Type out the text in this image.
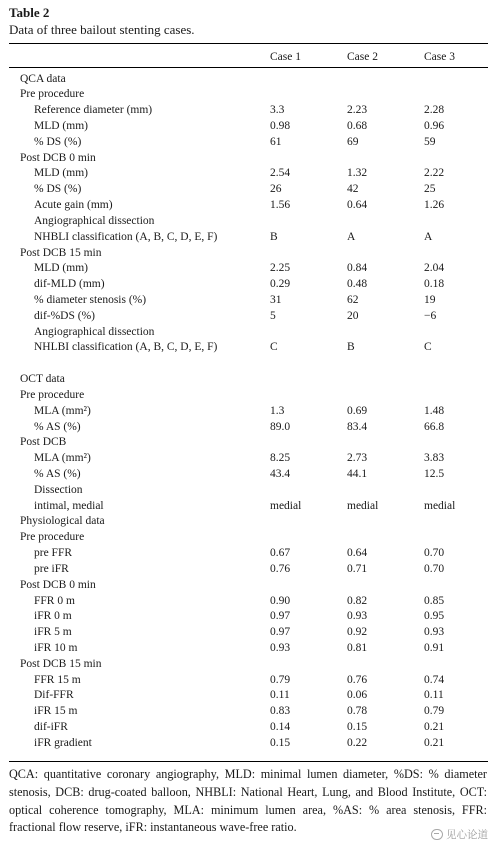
Table 2
Data of three bailout stenting cases.
Case 1	Case 2	Case 3
QCA data
Pre procedure
Reference diameter (mm)	3.3	2.23	2.28
MLD (mm)	0.98	0.68	0.96
% DS (%)	61	69	59
Post DCB 0 min
MLD (mm)	2.54	1.32	2.22
% DS (%)	26	42	25
Acute gain (mm)	1.56	0.64	1.26
Angiographical dissection
NHBLI classification (A, B, C, D, E, F)	B	A	A
Post DCB 15 min
MLD (mm)	2.25	0.84	2.04
dif-MLD (mm)	0.29	0.48	0.18
% diameter stenosis (%)	31	62	19
dif-%DS (%)	5	20	−6
Angiographical dissection
NHLBI classification (A, B, C, D, E, F)	C	B	C
OCT data
Pre procedure
MLA (mm²)	1.3	0.69	1.48
% AS (%)	89.0	83.4	66.8
Post DCB
MLA (mm²)	8.25	2.73	3.83
% AS (%)	43.4	44.1	12.5
Dissection
intimal, medial	medial	medial	medial
Physiological data
Pre procedure
pre FFR	0.67	0.64	0.70
pre iFR	0.76	0.71	0.70
Post DCB 0 min
FFR 0 m	0.90	0.82	0.85
iFR 0 m	0.97	0.93	0.95
iFR 5 m	0.97	0.92	0.93
iFR 10 m	0.93	0.81	0.91
Post DCB 15 min
FFR 15 m	0.79	0.76	0.74
Dif-FFR	0.11	0.06	0.11
iFR 15 m	0.83	0.78	0.79
dif-iFR	0.14	0.15	0.21
iFR gradient	0.15	0.22	0.21
QCA: quantitative coronary angiography, MLD: minimal lumen diameter, %DS: % diameter stenosis, DCB: drug-coated balloon, NHBLI: National Heart, Lung, and Blood Institute, OCT: optical coherence tomography, MLA: minimum lumen area, %AS: % area stenosis, FFR: fractional flow reserve, iFR: instantaneous wave-free ratio.
见心论道
